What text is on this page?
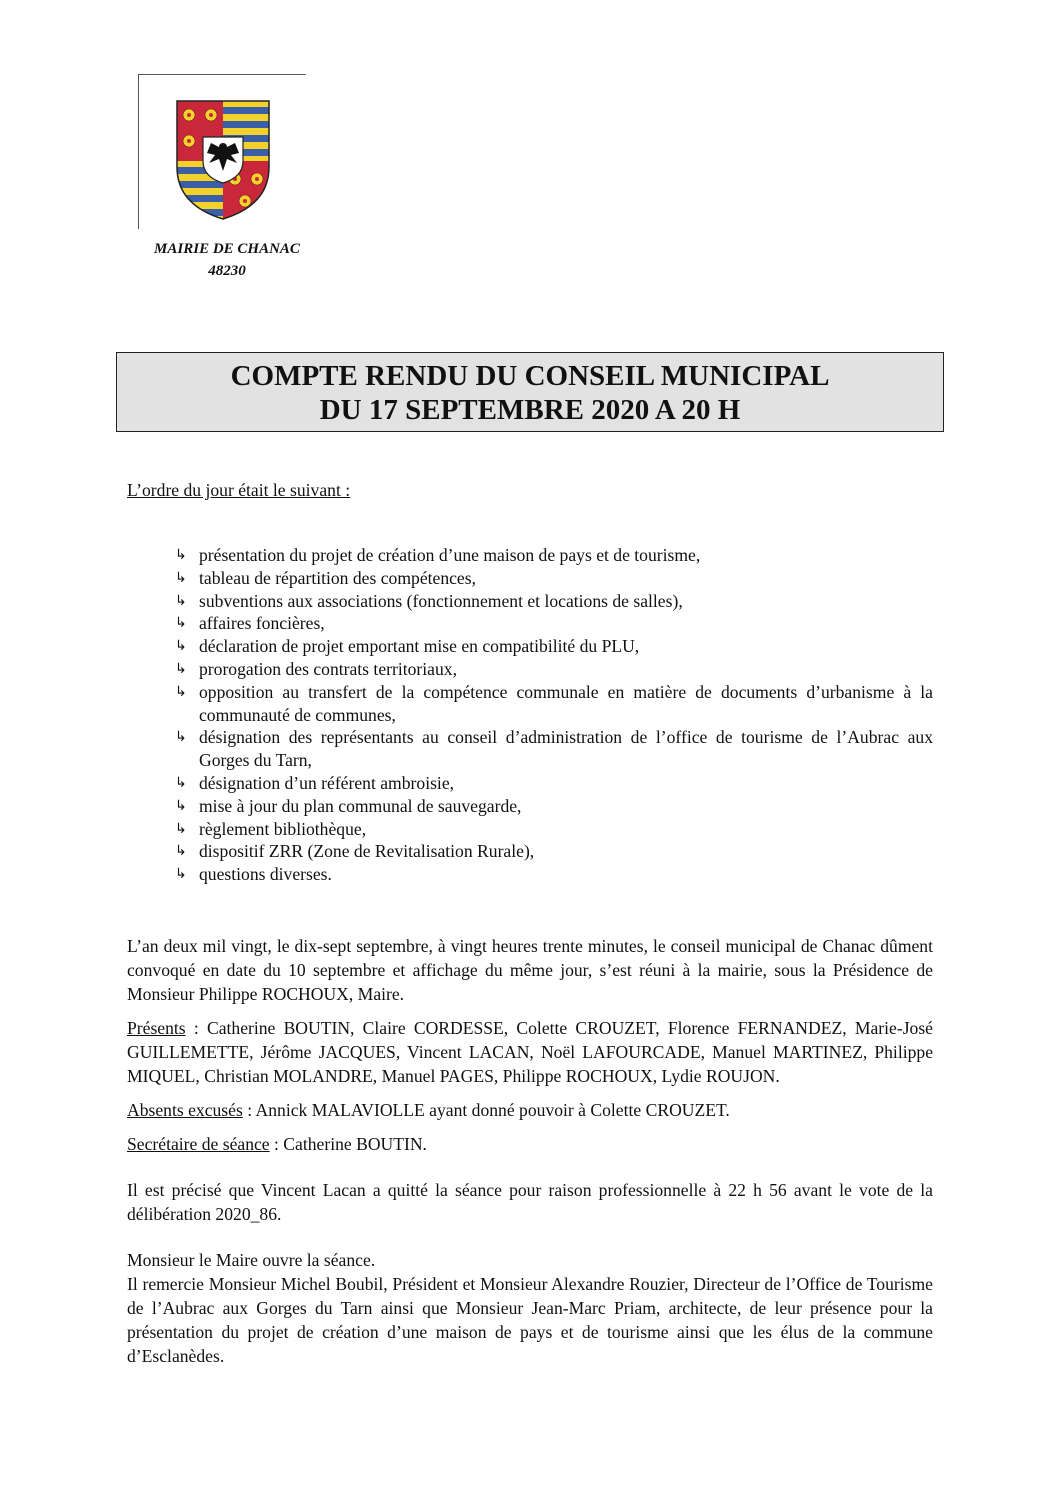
MAIRIE DE CHANAC
48230
COMPTE RENDU DU CONSEIL MUNICIPAL
DU 17 SEPTEMBRE 2020 A 20 H
L’ordre du jour était le suivant :
↳ présentation du projet de création d’une maison de pays et de tourisme,
↳ tableau de répartition des compétences,
↳ subventions aux associations (fonctionnement et locations de salles),
↳ affaires foncières,
↳ déclaration de projet emportant mise en compatibilité du PLU,
↳ prorogation des contrats territoriaux,
↳ opposition au transfert de la compétence communale en matière de documents d’urbanisme à la communauté de communes,
↳ désignation des représentants au conseil d’administration de l’office de tourisme de l’Aubrac aux Gorges du Tarn,
↳ désignation d’un référent ambroisie,
↳ mise à jour du plan communal de sauvegarde,
↳ règlement bibliothèque,
↳ dispositif ZRR (Zone de Revitalisation Rurale),
↳ questions diverses.

L’an deux mil vingt, le dix-sept septembre, à vingt heures trente minutes, le conseil municipal de Chanac dûment convoqué en date du 10 septembre et affichage du même jour, s’est réuni à la mairie, sous la Présidence de Monsieur Philippe ROCHOUX, Maire.

Présents : Catherine BOUTIN, Claire CORDESSE, Colette CROUZET, Florence FERNANDEZ, Marie-José GUILLEMETTE, Jérôme JACQUES, Vincent LACAN, Noël LAFOURCADE, Manuel MARTINEZ, Philippe MIQUEL, Christian MOLANDRE, Manuel PAGES, Philippe ROCHOUX, Lydie ROUJON.

Absents excusés : Annick MALAVIOLLE ayant donné pouvoir à Colette CROUZET.

Secrétaire de séance : Catherine BOUTIN.

Il est précisé que Vincent Lacan a quitté la séance pour raison professionnelle à 22 h 56 avant le vote de la délibération 2020_86.

Monsieur le Maire ouvre la séance.

Il remercie Monsieur Michel Boubil, Président et Monsieur Alexandre Rouzier, Directeur de l’Office de Tourisme de l’Aubrac aux Gorges du Tarn ainsi que Monsieur Jean-Marc Priam, architecte, de leur présence pour la présentation du projet de création d’une maison de pays et de tourisme ainsi que les élus de la commune d’Esclanèdes.
